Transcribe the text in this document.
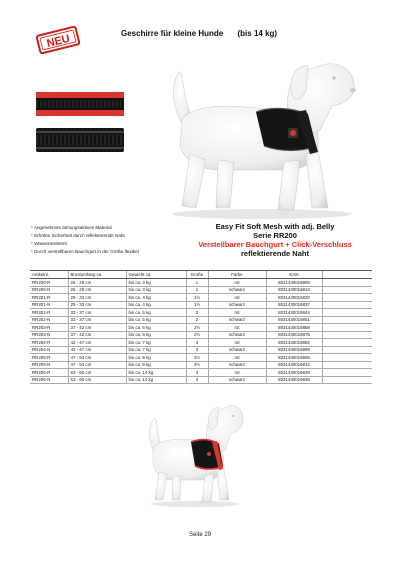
NEU	Geschirre für kleine Hunde (bis 14 kg)
* Angenehmes atmungsaktives Material
* Erhöhte Sicherheit durch reflektierende Naht
* Wasserresistent
* Durch verstellbaren Bauchgurt in der Größe flexibel
Easy Fit Soft Mesh with adj. Belly
Serie RR200
Verstellbarer Bauchgurt + Click-Verschluss
reflektierende Naht
Artikelnr.	Brustumfang ca.	Gewicht ca.	Größe	Farbe	EAN	
RR200-R	25 - 29 cm	bis ca. 3 kg	1	rot	8031430016806	
RR200-N	25 - 29 cm	bis ca. 3 kg	1	schwarz	8031430016813	
RR201-R	29 - 33 cm	bis ca. 4 kg	1½	rot	8031430016820	
RR201-N	29 - 33 cm	bis ca. 4 kg	1½	schwarz	8031430016837	
RR202-R	33 - 37 cm	bis ca. 5 kg	2	rot	8031430016844	
RR202-N	33 - 37 cm	bis ca. 5 kg	2	schwarz	8031430016851	
RR203-R	37 - 42 cm	bis ca. 6 kg	2½	rot	8031430016868	
RR203-N	37 - 42 cm	bis ca. 6 kg	2½	schwarz	8031430016875	
RR204-R	42 - 47 cm	bis ca. 7 kg	3	rot	8031430016882	
RR204-N	42 - 47 cm	bis ca. 7 kg	3	schwarz	8031430016899	
RR205-R	47 - 53 cm	bis ca. 9 kg	3½	rot	8031430016905	
RR205-N	47 - 53 cm	bis ca. 9 kg	3½	schwarz	8031430016912	
RR206-R	53 - 60 cm	bis ca. 14 kg	4	rot	8031430016929	
RR206-N	53 - 60 cm	bis ca. 14 kg	4	schwarz	8031430016936	
Seite 29
